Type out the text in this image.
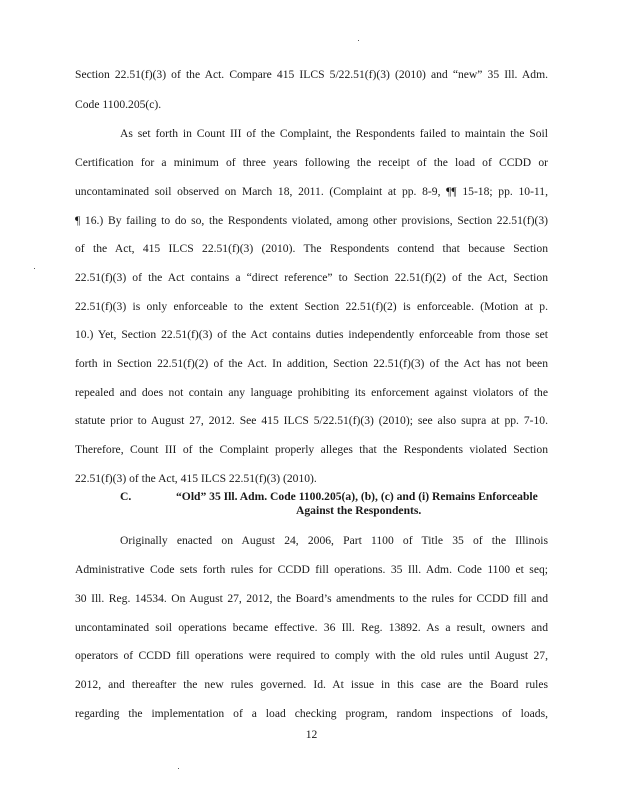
Section 22.51(f)(3) of the Act. Compare 415 ILCS 5/22.51(f)(3) (2010) and “new” 35 Ill. Adm.
Code 1100.205(c).
As set forth in Count III of the Complaint, the Respondents failed to maintain the Soil
Certification for a minimum of three years following the receipt of the load of CCDD or
uncontaminated soil observed on March 18, 2011. (Complaint at pp. 8-9, ¶¶ 15-18; pp. 10-11,
¶ 16.) By failing to do so, the Respondents violated, among other provisions, Section 22.51(f)(3)
of the Act, 415 ILCS 22.51(f)(3) (2010). The Respondents contend that because Section
22.51(f)(3) of the Act contains a “direct reference” to Section 22.51(f)(2) of the Act, Section
22.51(f)(3) is only enforceable to the extent Section 22.51(f)(2) is enforceable. (Motion at p.
10.) Yet, Section 22.51(f)(3) of the Act contains duties independently enforceable from those set
forth in Section 22.51(f)(2) of the Act. In addition, Section 22.51(f)(3) of the Act has not been
repealed and does not contain any language prohibiting its enforcement against violators of the
statute prior to August 27, 2012. See 415 ILCS 5/22.51(f)(3) (2010); see also supra at pp. 7-10.
Therefore, Count III of the Complaint properly alleges that the Respondents violated Section
22.51(f)(3) of the Act, 415 ILCS 22.51(f)(3) (2010).
C.	“Old” 35 Ill. Adm. Code 1100.205(a), (b), (c) and (i) Remains Enforceable
Against the Respondents.
Originally enacted on August 24, 2006, Part 1100 of Title 35 of the Illinois
Administrative Code sets forth rules for CCDD fill operations. 35 Ill. Adm. Code 1100 et seq;
30 Ill. Reg. 14534. On August 27, 2012, the Board’s amendments to the rules for CCDD fill and
uncontaminated soil operations became effective. 36 Ill. Reg. 13892. As a result, owners and
operators of CCDD fill operations were required to comply with the old rules until August 27,
2012, and thereafter the new rules governed. Id. At issue in this case are the Board rules
regarding the implementation of a load checking program, random inspections of loads,
12
